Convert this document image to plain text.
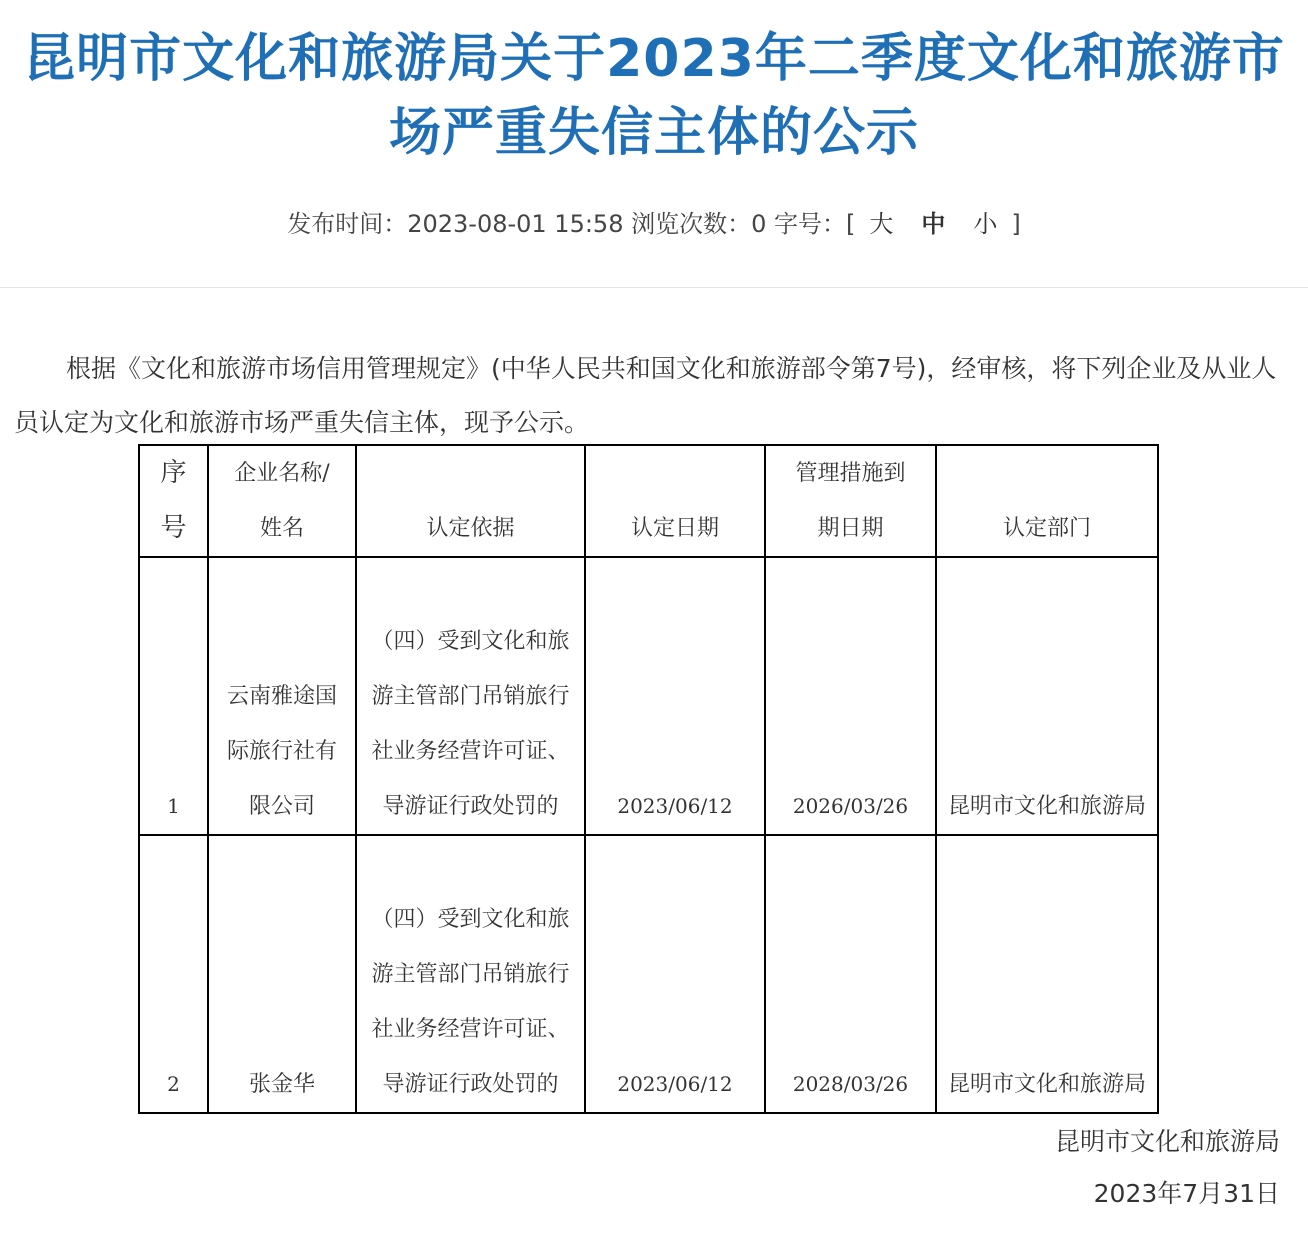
昆明市文化和旅游局关于2023年二季度文化和旅游市场严重失信主体的公示
发布时间：2023-08-01 15:58 浏览次数：0 字号：[ 大 中 小 ]

根据《文化和旅游市场信用管理规定》(中华人民共和国文化和旅游部令第7号)，经审核，将下列企业及从业人员认定为文化和旅游市场严重失信主体，现予公示。

序号	企业名称/姓名	认定依据	认定日期	管理措施到期日期	认定部门
1	云南雅途国际旅行社有限公司	（四）受到文化和旅游主管部门吊销旅行社业务经营许可证、导游证行政处罚的	2023/06/12	2026/03/26	昆明市文化和旅游局
2	张金华	（四）受到文化和旅游主管部门吊销旅行社业务经营许可证、导游证行政处罚的	2023/06/12	2028/03/26	昆明市文化和旅游局
昆明市文化和旅游局
2023年7月31日
